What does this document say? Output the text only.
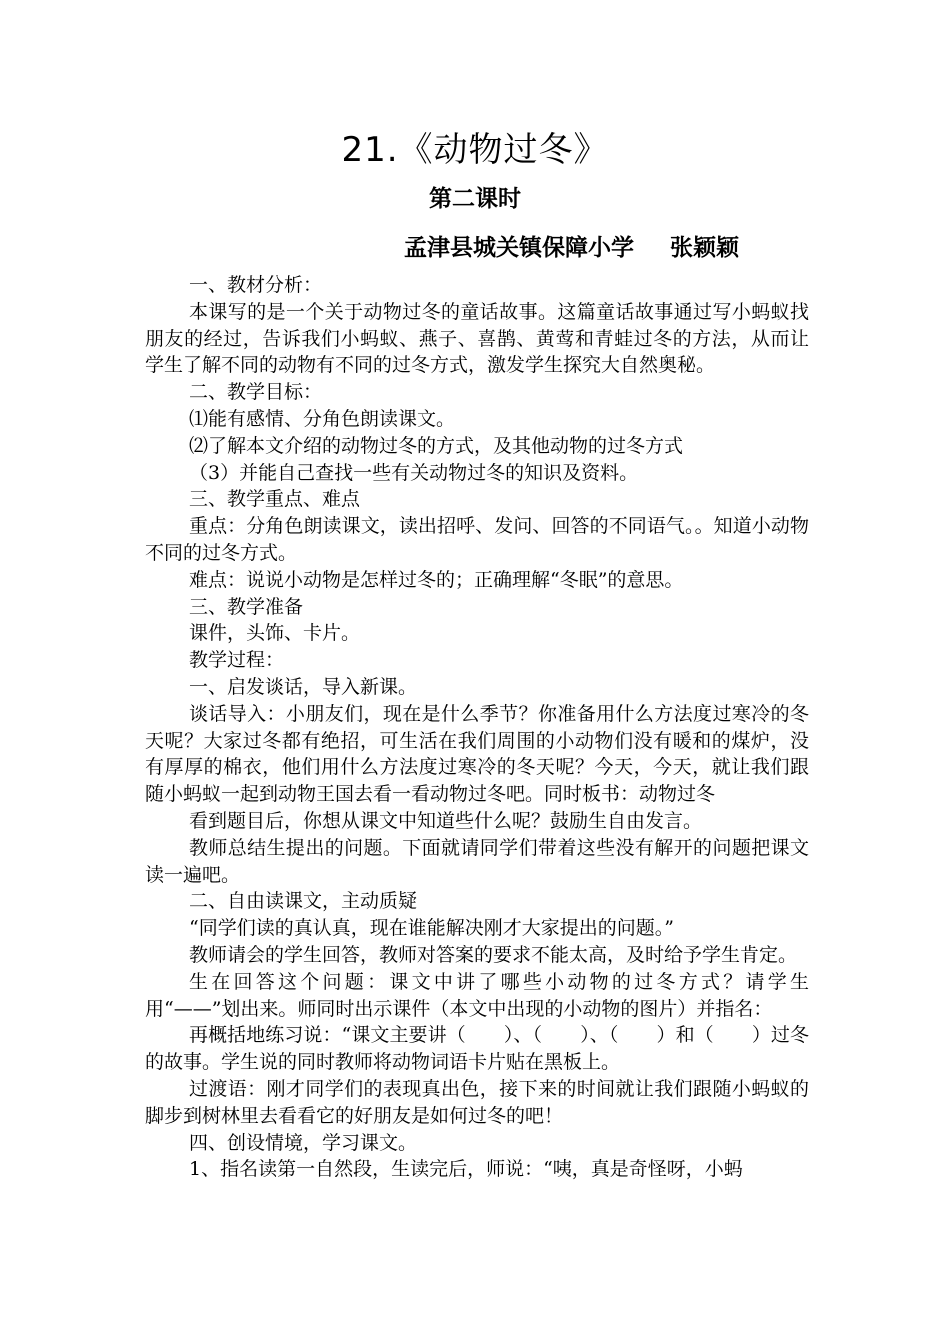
21.《动物过冬》
第二课时
孟津县城关镇保障小学 张颖颖

一、教材分析：

本课写的是一个关于动物过冬的童话故事。这篇童话故事通过写小蚂蚁找朋友的经过，告诉我们小蚂蚁、燕子、喜鹊、黄莺和青蛙过冬的方法，从而让学生了解不同的动物有不同的过冬方式，激发学生探究大自然奥秘。

二、教学目标：

⑴能有感情、分角色朗读课文。

⑵了解本文介绍的动物过冬的方式，及其他动物的过冬方式

（3）并能自己查找一些有关动物过冬的知识及资料。

三、教学重点、难点

重点：分角色朗读课文，读出招呼、发问、回答的不同语气。。知道小动物不同的过冬方式。

难点：说说小动物是怎样过冬的；正确理解“冬眠”的意思。

三、教学准备

课件，头饰、卡片。

教学过程：

一、启发谈话，导入新课。

谈话导入：小朋友们，现在是什么季节？你准备用什么方法度过寒冷的冬天呢？大家过冬都有绝招，可生活在我们周围的小动物们没有暖和的煤炉，没有厚厚的棉衣，他们用什么方法度过寒冷的冬天呢？今天，今天，就让我们跟随小蚂蚁一起到动物王国去看一看动物过冬吧。同时板书：动物过冬

看到题目后，你想从课文中知道些什么呢？鼓励生自由发言。

教师总结生提出的问题。下面就请同学们带着这些没有解开的问题把课文读一遍吧。

二、自由读课文，主动质疑

“同学们读的真认真，现在谁能解决刚才大家提出的问题。”

教师请会的学生回答，教师对答案的要求不能太高，及时给予学生肯定。

生在回答这个问题：课文中讲了哪些小动物的过冬方式？请学生用“——”划出来。师同时出示课件（本文中出现的小动物的图片）并指名：

再概括地练习说：“课文主要讲（　　）、（　　）、（　　）和（　　）过冬的故事。学生说的同时教师将动物词语卡片贴在黑板上。

过渡语：刚才同学们的表现真出色，接下来的时间就让我们跟随小蚂蚁的脚步到树林里去看看它的好朋友是如何过冬的吧！

四、创设情境，学习课文。

1、指名读第一自然段，生读完后，师说：“咦，真是奇怪呀，小蚂
